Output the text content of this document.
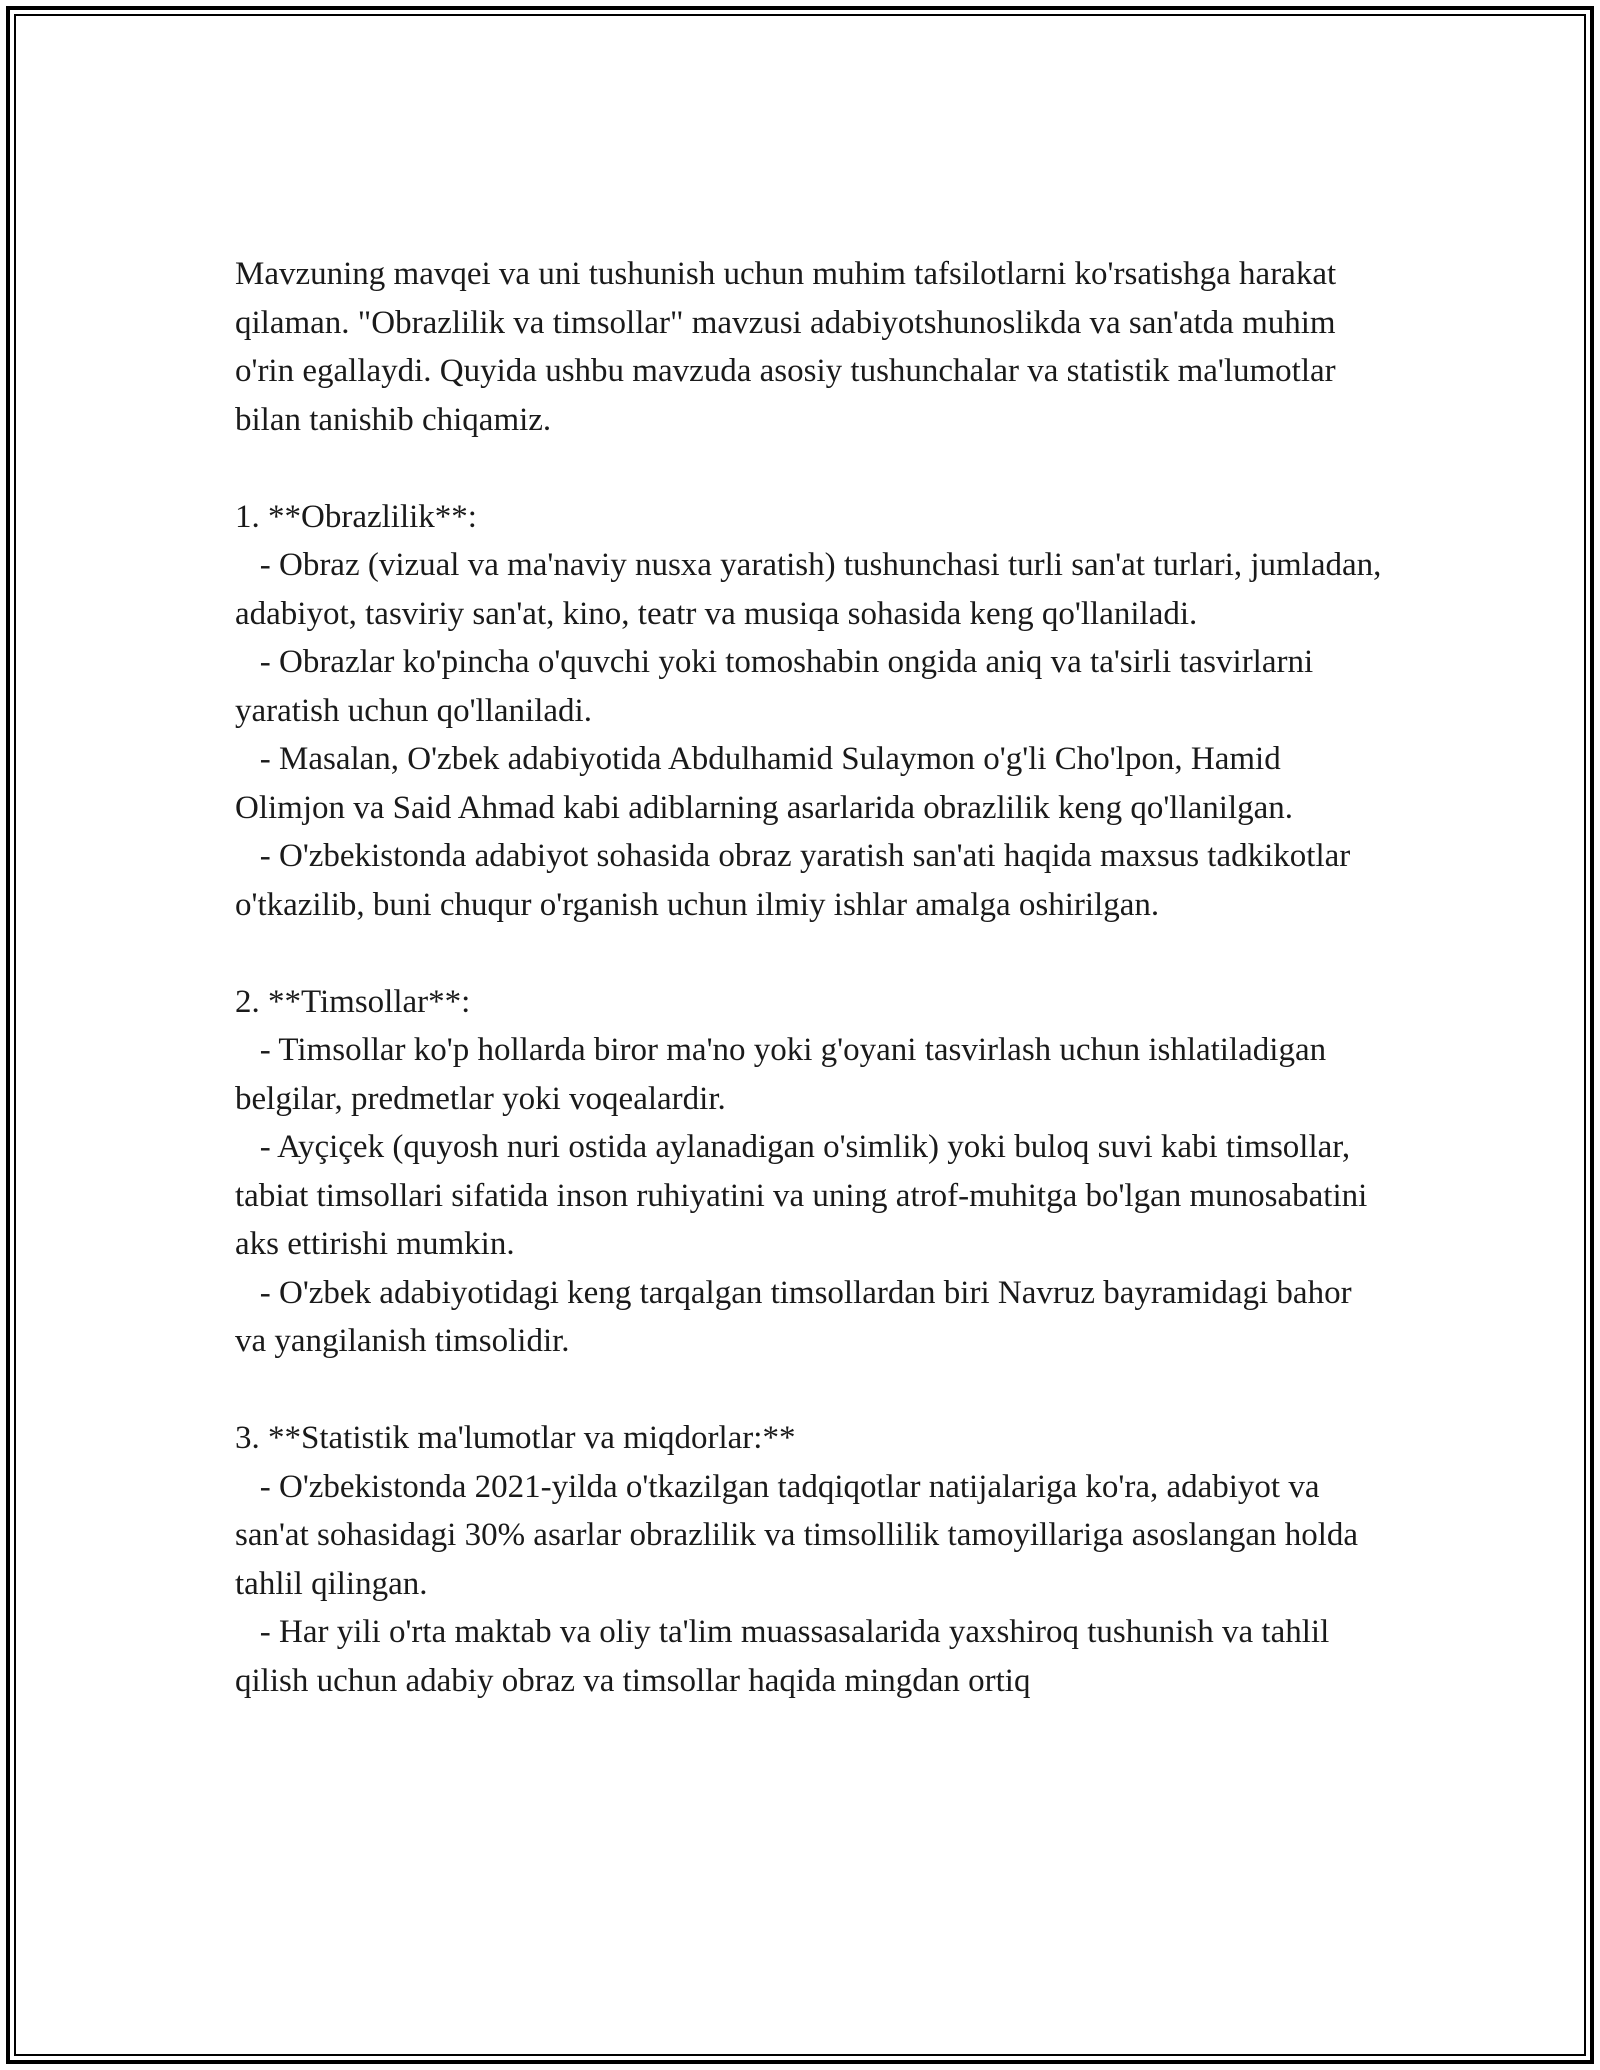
Mavzuning mavqei va uni tushunish uchun muhim tafsilotlarni ko'rsatishga harakat qilaman. "Obrazlilik va timsollar" mavzusi adabiyotshunoslikda va san'atda muhim o'rin egallaydi. Quyida ushbu mavzuda asosiy tushunchalar va statistik ma'lumotlar bilan tanishib chiqamiz.

1. **Obrazlilik**:

- Obraz (vizual va ma'naviy nusxa yaratish) tushunchasi turli san'at turlari, jumladan, adabiyot, tasviriy san'at, kino, teatr va musiqa sohasida keng qo'llaniladi.

- Obrazlar ko'pincha o'quvchi yoki tomoshabin ongida aniq va ta'sirli tasvirlarni yaratish uchun qo'llaniladi.

- Masalan, O'zbek adabiyotida Abdulhamid Sulaymon o'g'li Cho'lpon, Hamid Olimjon va Said Ahmad kabi adiblarning asarlarida obrazlilik keng qo'llanilgan.

- O'zbekistonda adabiyot sohasida obraz yaratish san'ati haqida maxsus tadkikotlar o'tkazilib, buni chuqur o'rganish uchun ilmiy ishlar amalga oshirilgan.

2. **Timsollar**:

- Timsollar ko'p hollarda biror ma'no yoki g'oyani tasvirlash uchun ishlatiladigan belgilar, predmetlar yoki voqealardir.

- Ayçiçek (quyosh nuri ostida aylanadigan o'simlik) yoki buloq suvi kabi timsollar, tabiat timsollari sifatida inson ruhiyatini va uning atrof-muhitga bo'lgan munosabatini aks ettirishi mumkin.

- O'zbek adabiyotidagi keng tarqalgan timsollardan biri Navruz bayramidagi bahor va yangilanish timsolidir.

3. **Statistik ma'lumotlar va miqdorlar:**

- O'zbekistonda 2021-yilda o'tkazilgan tadqiqotlar natijalariga ko'ra, adabiyot va san'at sohasidagi 30% asarlar obrazlilik va timsollilik tamoyillariga asoslangan holda tahlil qilingan.

- Har yili o'rta maktab va oliy ta'lim muassasalarida yaxshiroq tushunish va tahlil qilish uchun adabiy obraz va timsollar haqida mingdan ortiq
